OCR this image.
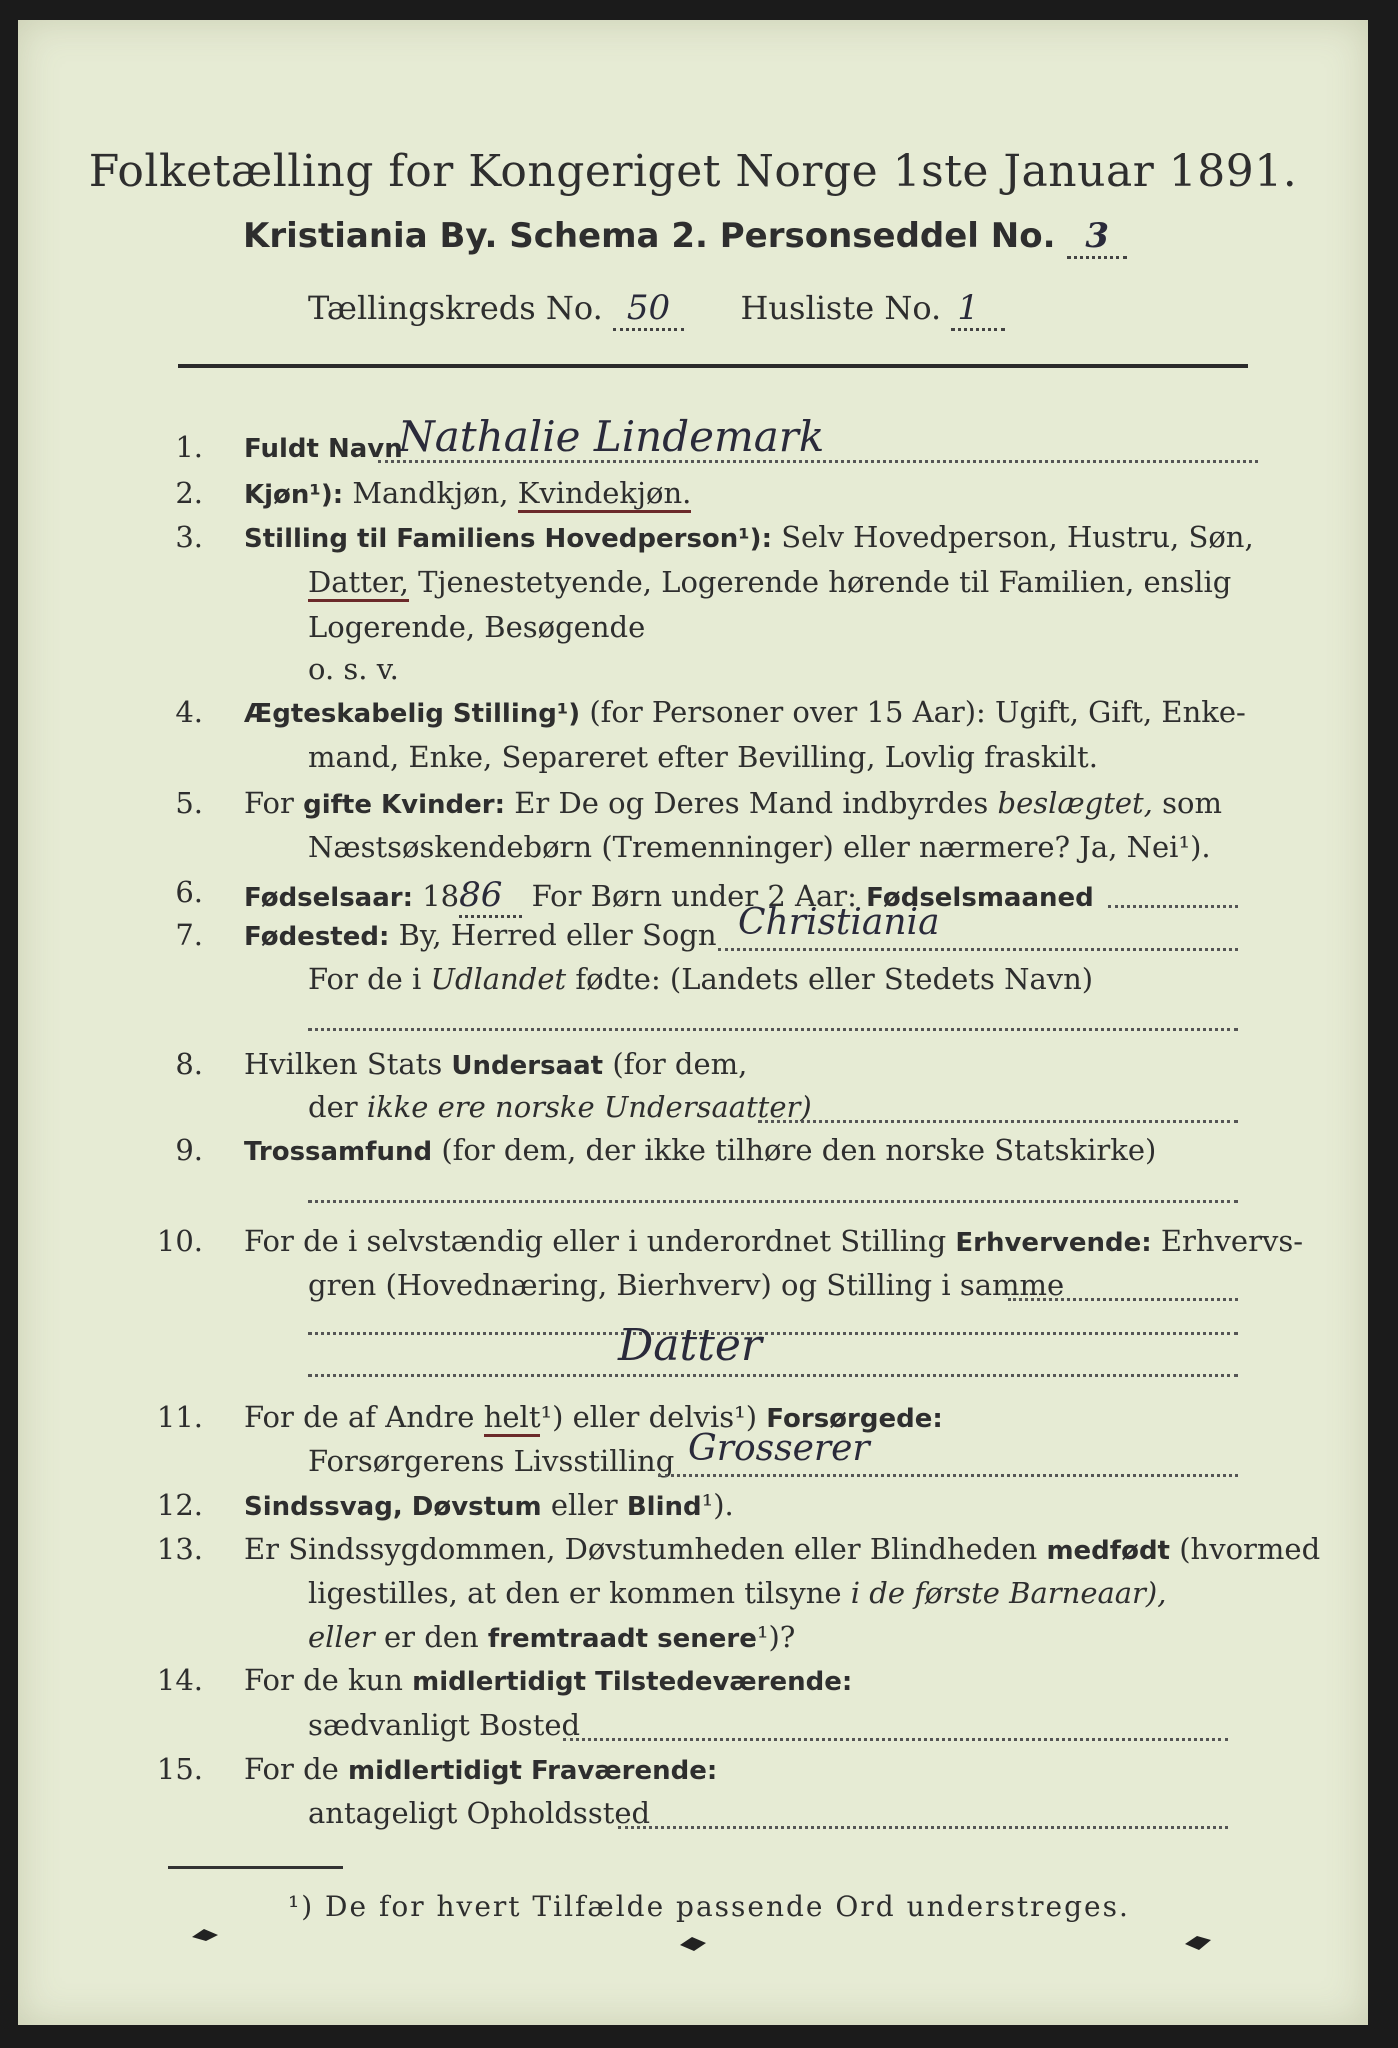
Folketælling for Kongeriget Norge 1ste Januar 1891.
Kristiania By. Schema 2. Personseddel No. 3
Tællingskreds No. 50 Husliste No. 1
1.
2.
3.
4.
5.
6.
7.
8.
9.
10.
11.
12.
13.
14.
15.
Fuldt Navn
Nathalie Lindemark
Kjøn¹): Mandkjøn, Kvindekjøn.
Stilling til Familiens Hovedperson¹): Selv Hovedperson, Hustru, Søn,
Datter, Tjenestetyende, Logerende hørende til Familien, enslig
Logerende, Besøgende
o. s. v.
Ægteskabelig Stilling¹) (for Personer over 15 Aar): Ugift, Gift, Enke-
mand, Enke, Separeret efter Bevilling, Lovlig fraskilt.
For gifte Kvinder: Er De og Deres Mand indbyrdes beslægtet, som
Næstsøskendebørn (Tremenninger) eller nærmere? Ja, Nei¹).
Fødselsaar: 1886 For Børn under 2 Aar: Fødselsmaaned
Fødested: By, Herred eller Sogn Christiania
For de i Udlandet fødte: (Landets eller Stedets Navn)
Hvilken Stats Undersaat (for dem,
der ikke ere norske Undersaatter)
Trossamfund (for dem, der ikke tilhøre den norske Statskirke)
For de i selvstændig eller i underordnet Stilling Erhvervende: Erhvervs-
gren (Hovednæring, Bierhverv) og Stilling i samme
Datter
For de af Andre helt¹) eller delvis¹) Forsørgede:
Forsørgerens Livsstilling Grosserer
Sindssvag, Døvstum eller Blind¹).
Er Sindssygdommen, Døvstumheden eller Blindheden medfødt (hvormed
ligestilles, at den er kommen tilsyne i de første Barneaar),
eller er den fremtraadt senere¹)?
For de kun midlertidigt Tilstedeværende:
sædvanligt Bosted
For de midlertidigt Fraværende:
antageligt Opholdssted
¹) De for hvert Tilfælde passende Ord understreges.
